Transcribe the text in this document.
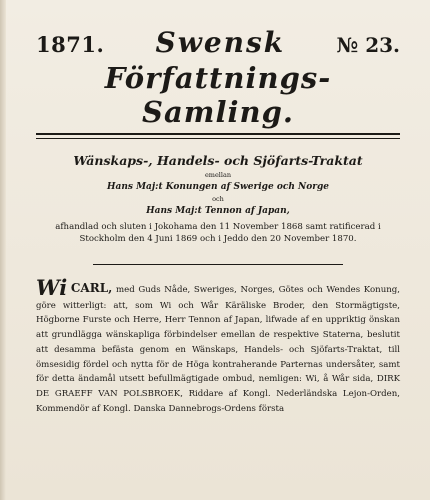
1871. Swensk	№ 23.
Författnings-Samling.

Wänskaps-, Handels- och Sjöfarts-Traktat

emellan

Hans Maj:t Konungen af Swerige och Norge

och

Hans Maj:t Tennon af Japan,

afhandlad och sluten i Jokohama den 11 November 1868 samt ratificerad i Stockholm den 4 Juni 1869 och i Jeddo den 20 November 1870.

Wi CARL, med Guds Nåde, Sweriges, Norges, Götes och Wendes Konung, göre witterligt: att, som Wi och Wår Käräliske Broder, den Stormägtigste, Högborne Furste och Herre, Herr Tennon af Japan, lifwade af en uppriktig önskan att grundlägga wänskapliga förbindelser emellan de respektive Staterna, beslutit att desamma befästa genom en Wänskaps, Handels- och Sjöfarts-Traktat, till ömsesidig fördel och nytta för de Höga kontraherande Parternas undersåter, samt för detta ändamål utsett befullmägtigade ombud, nemligen: Wi, å Wår sida, DIRK DE GRAEFF VAN POLSBROEK, Riddare af Kongl. Nederländska Lejon-Orden, Kommendör af Kongl. Danska Dannebrogs-Ordens första
